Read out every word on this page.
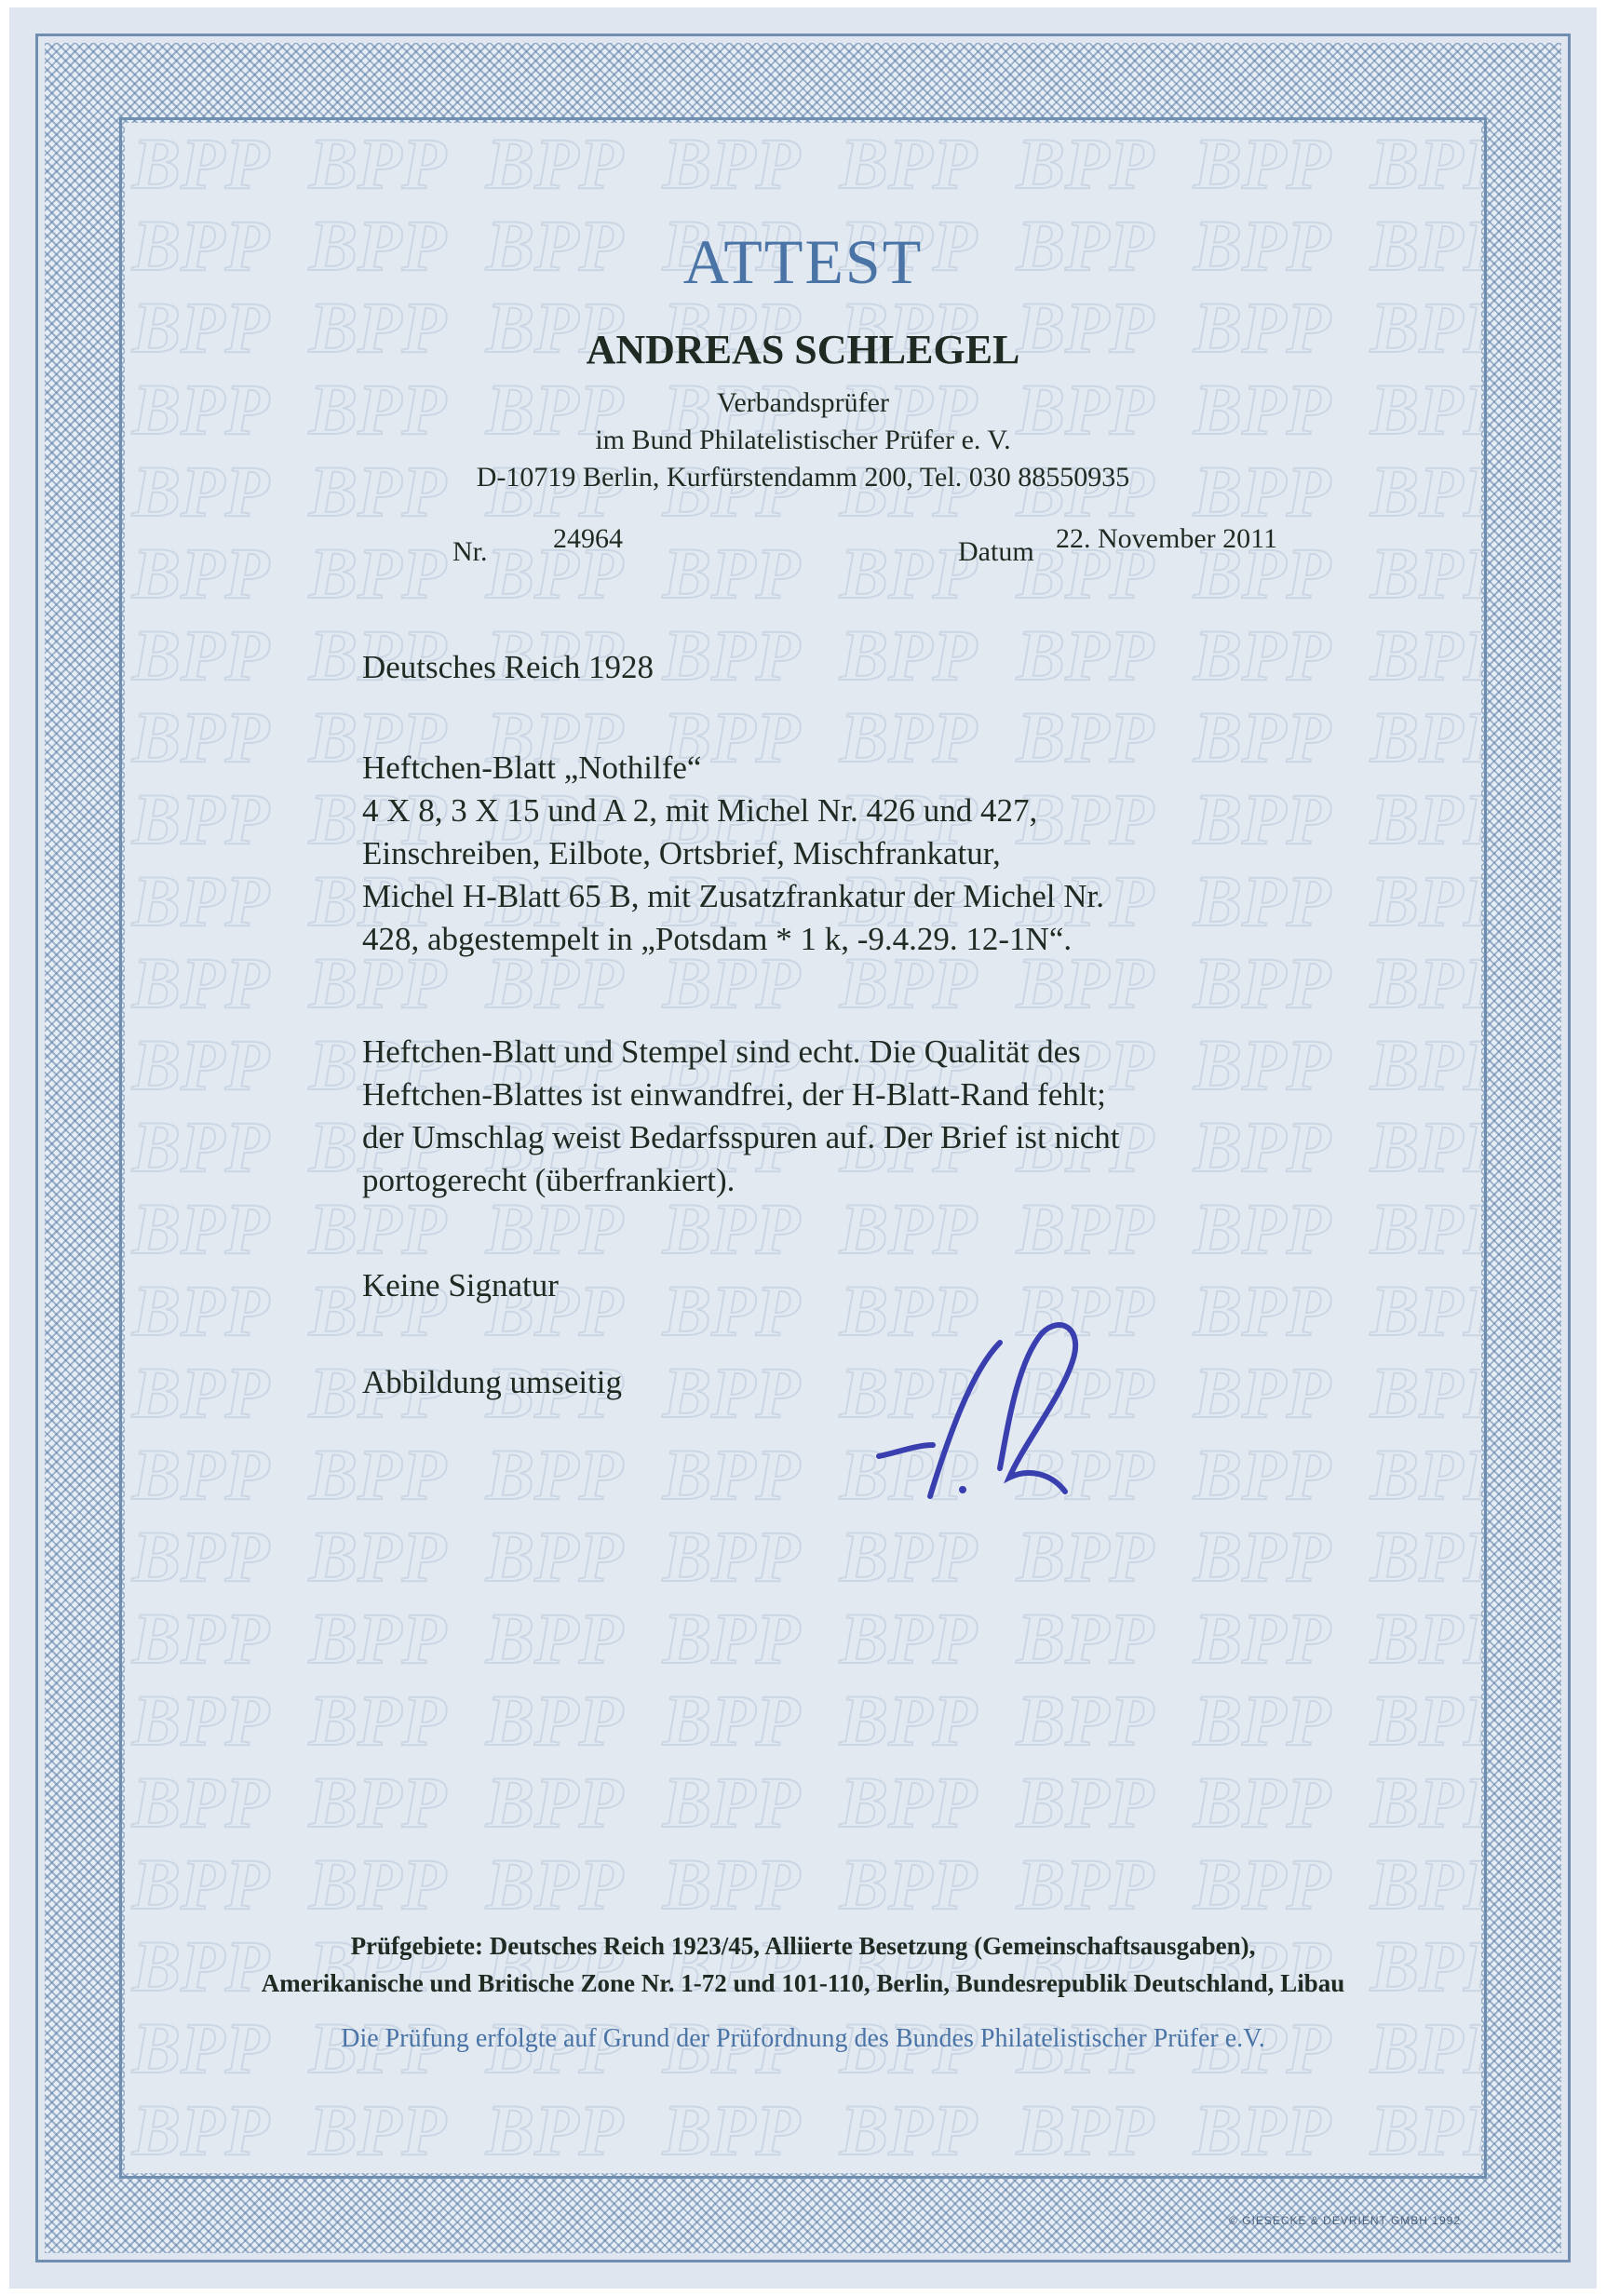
ATTEST
ANDREAS SCHLEGEL
Verbandsprüfer
im Bund Philatelistischer Prüfer e. V.
D-10719 Berlin, Kurfürstendamm 200, Tel. 030 88550935
Nr. 24964	Datum 22. November 2011
Deutsches Reich 1928
Heftchen-Blatt „Nothilfe“
4 X 8, 3 X 15 und A 2, mit Michel Nr. 426 und 427,
Einschreiben, Eilbote, Ortsbrief, Mischfrankatur,
Michel H-Blatt 65 B, mit Zusatzfrankatur der Michel Nr.
428, abgestempelt in „Potsdam * 1 k, -9.4.29. 12-1N“.
Heftchen-Blatt und Stempel sind echt. Die Qualität des
Heftchen-Blattes ist einwandfrei, der H-Blatt-Rand fehlt;
der Umschlag weist Bedarfsspuren auf. Der Brief ist nicht
portogerecht (überfrankiert).
Keine Signatur
Abbildung umseitig
Prüfgebiete: Deutsches Reich 1923/45, Alliierte Besetzung (Gemeinschaftsausgaben),
Amerikanische und Britische Zone Nr. 1-72 und 101-110, Berlin, Bundesrepublik Deutschland, Libau
Die Prüfung erfolgte auf Grund der Prüfordnung des Bundes Philatelistischer Prüfer e.V.
© GIESECKE & DEVRIENT GMBH 1992
